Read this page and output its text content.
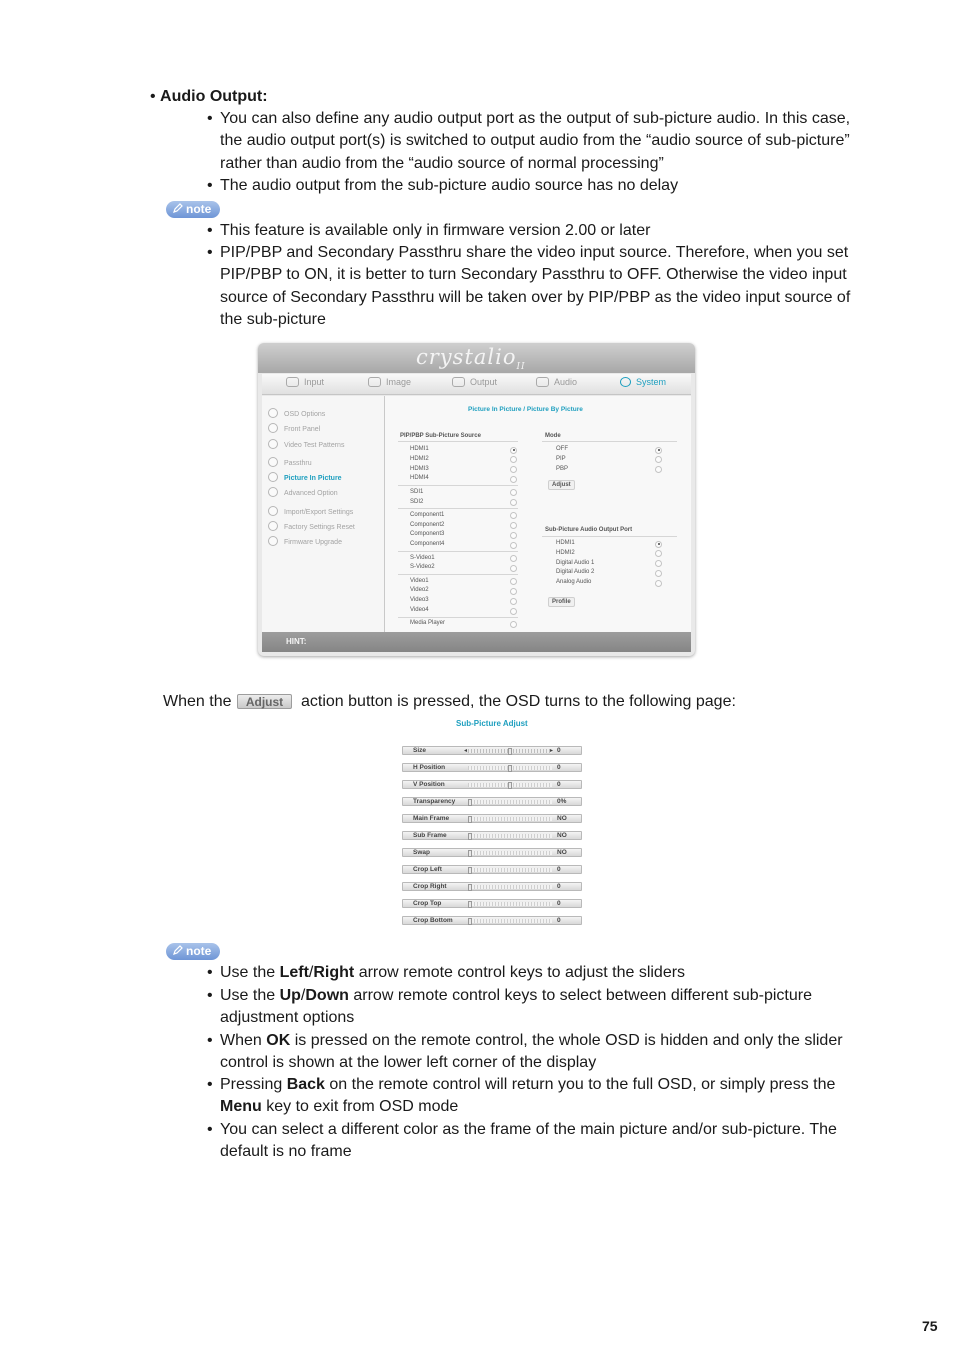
• Audio Output:
• You can also define any audio output port as the output of sub-picture audio. In this case, the audio output port(s) is switched to output audio from the “audio source of sub-picture” rather than audio from the “audio source of normal processing”
• The audio output from the sub-picture audio source has no delay
note
• This feature is available only in firmware version 2.00 or later
• PIP/PBP and Secondary Passthru share the video input source. Therefore, when you set PIP/PBP to ON, it is better to turn Secondary Passthru to OFF. Otherwise the video input source of Secondary Passthru will be taken over by PIP/PBP as the video input source of the sub-picture
crystalio$_{II}$
Input	Image	Output	Audio	System
OSD Options
Front Panel
Video Test Patterns
Passthru
Picture In Picture
Advanced Option
Import/Export Settings
Factory Settings Reset
Firmware Upgrade
Picture In Picture / Picture By Picture
PIP/PBP Sub-Picture Source	Mode
HDMI1
HDMI2
HDMI3
HDMI4
SDI1
SDI2
Component1
Component2
Component3
Component4
S-Video1
S-Video2
Video1
Video2
Video3
Video4
Media Player
OFF
PIP
PBP
Adjust
Sub-Picture Audio Output Port
HDMI1
HDMI2
Digital Audio 1
Digital Audio 2
Analog Audio
Profile
HINT:
When the	Adjust	action button is pressed, the OSD turns to the following page:
Sub-Picture Adjust
Size	◂	▸ 0
H Position	0
V Position	0
Transparency	0%
Main Frame	NO
Sub Frame	NO
Swap	NO
Crop Left	0
Crop Right	0
Crop Top	0
Crop Bottom	0
note
• Use the Left/Right arrow remote control keys to adjust the sliders
• Use the Up/Down arrow remote control keys to select between different sub-picture adjustment options
• When OK is pressed on the remote control, the whole OSD is hidden and only the slider control is shown at the lower left corner of the display
• Pressing Back on the remote control will return you to the full OSD, or simply press the Menu key to exit from OSD mode
• You can select a different color as the frame of the main picture and/or sub-picture. The default is no frame
75
